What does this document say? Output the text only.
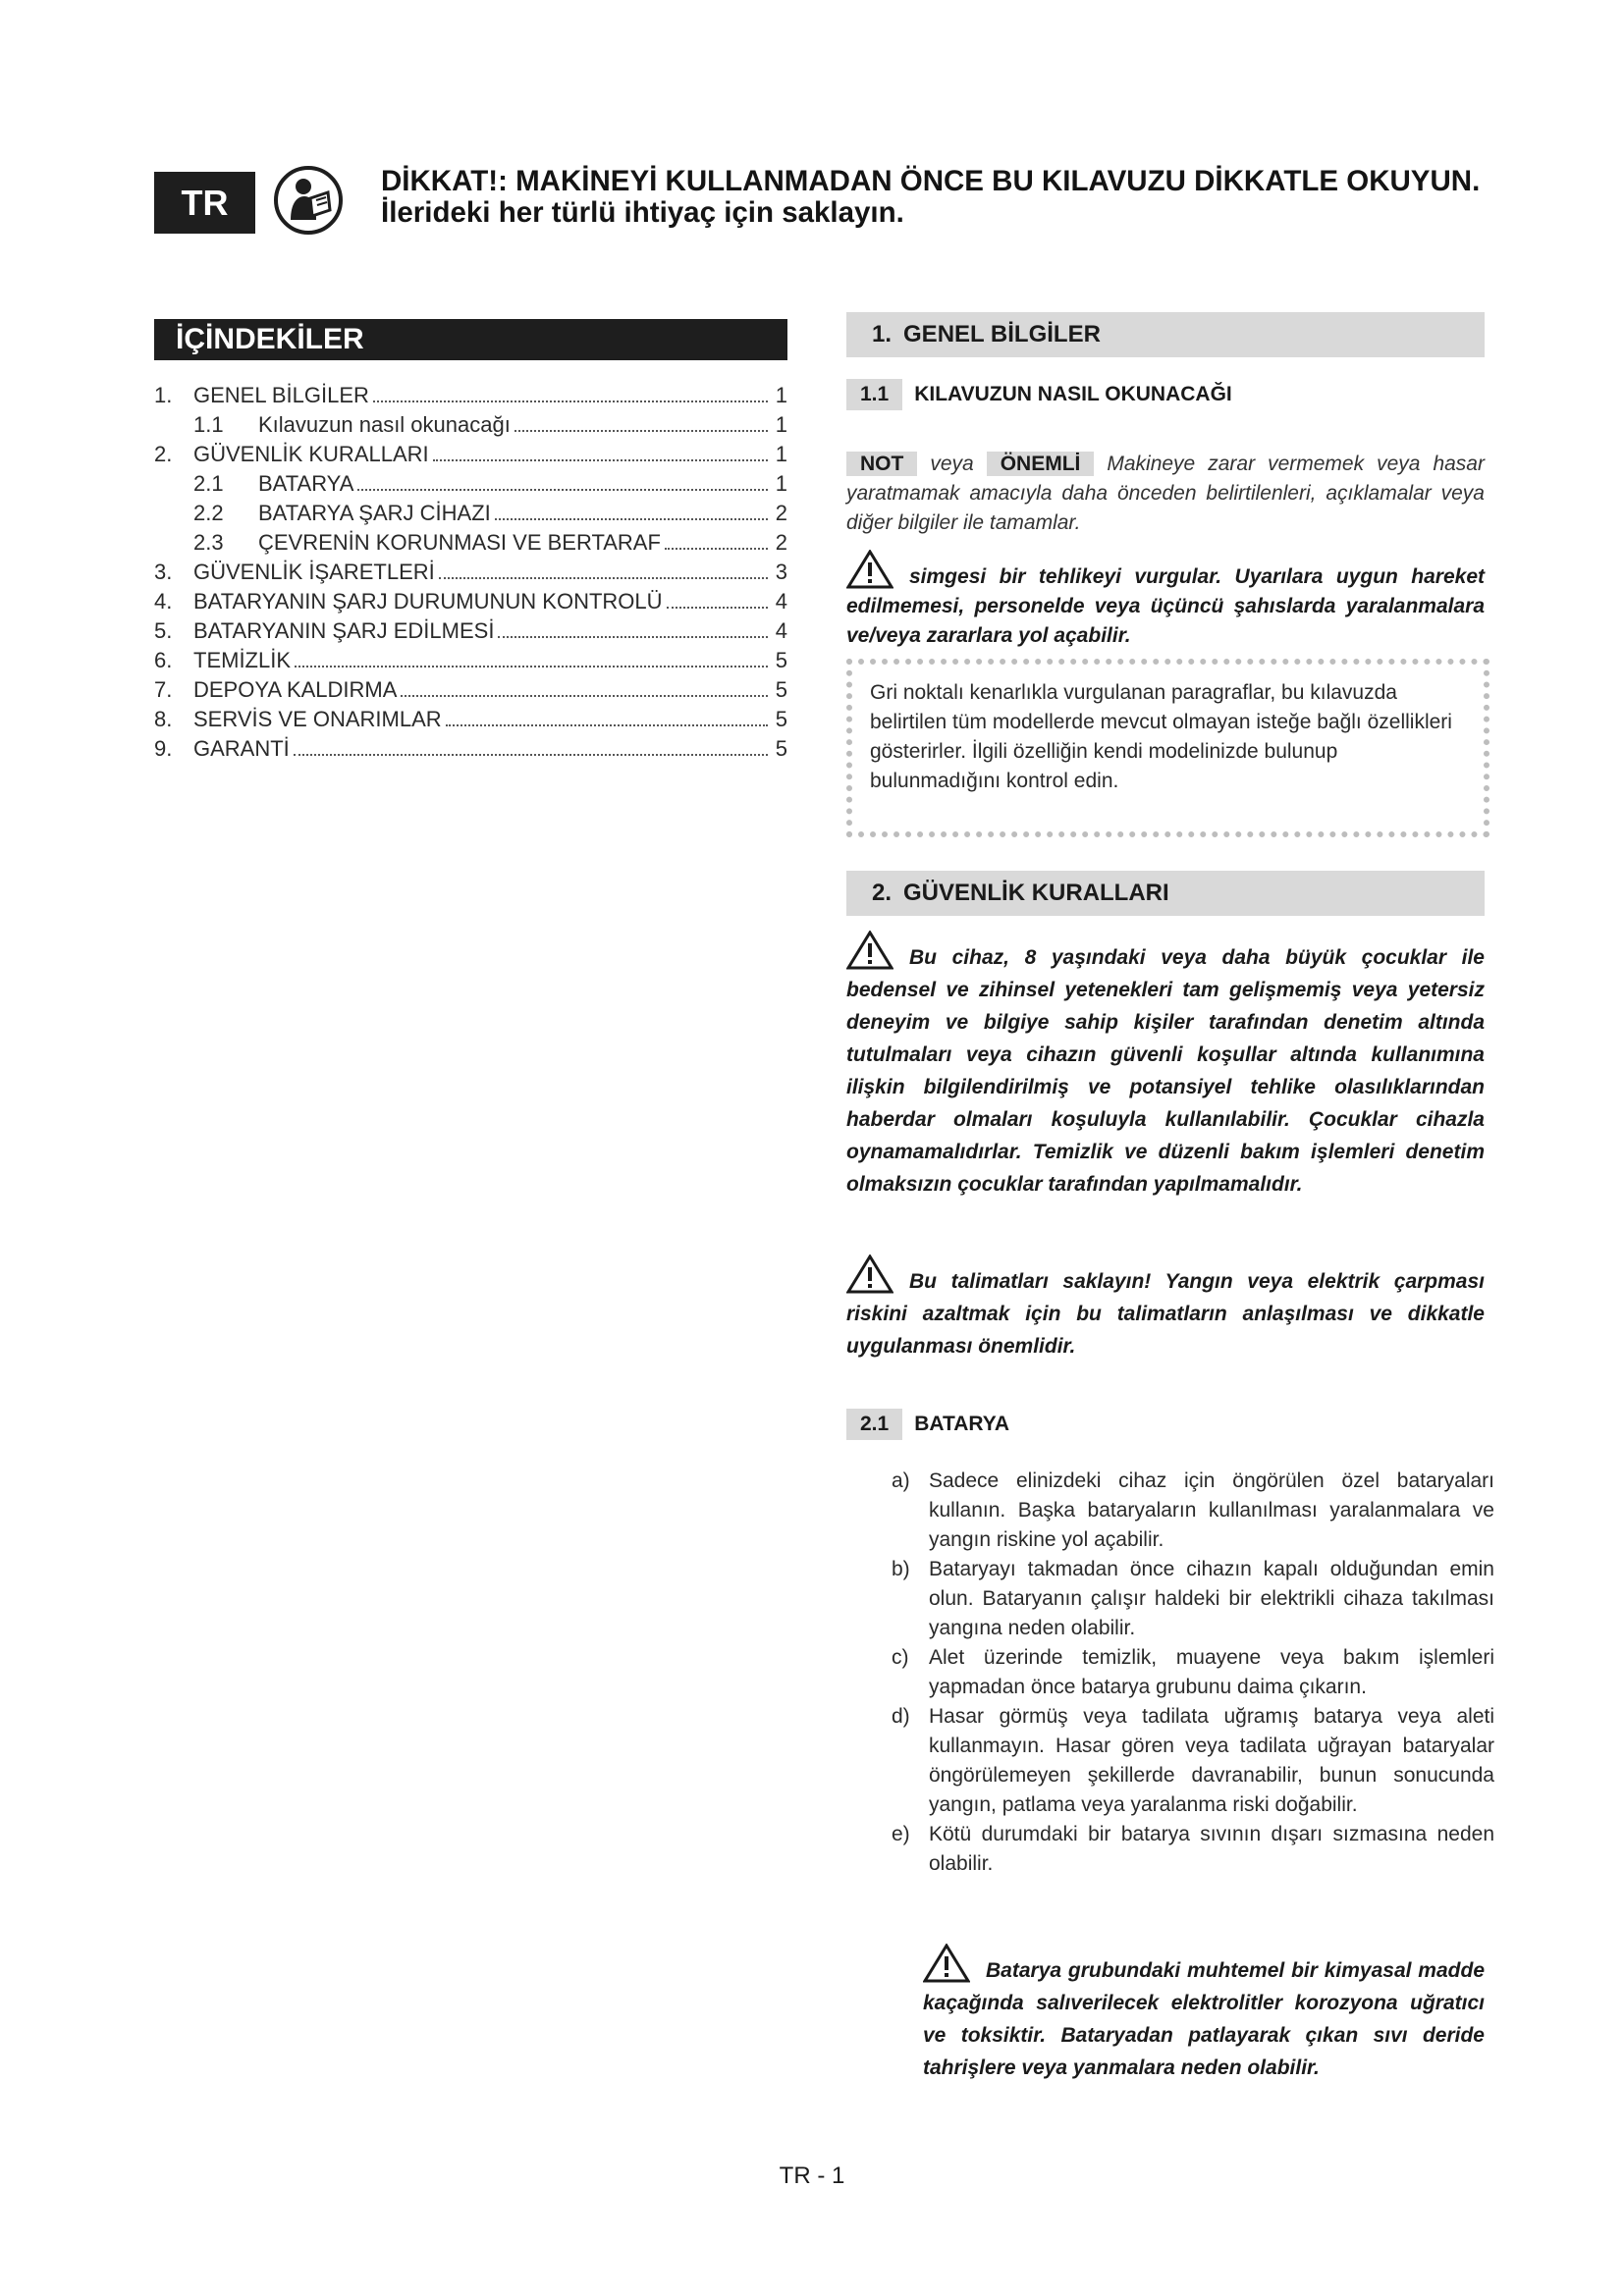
TR
DİKKAT!: MAKİNEYİ KULLANMADAN ÖNCE BU KILAVUZU DİKKATLE OKUYUN.
İlerideki her türlü ihtiyaç için saklayın.
İÇİNDEKİLER
1. GENEL BİLGİLER	1
1.1	Kılavuzun nasıl okunacağı	1
2. GÜVENLİK KURALLARI	1
2.1	BATARYA	1
2.2	BATARYA ŞARJ CİHAZI	2
2.3	ÇEVRENİN KORUNMASI VE BERTARAF	2
3. GÜVENLİK İŞARETLERİ	3
4. BATARYANIN ŞARJ DURUMUNUN KONTROLÜ	4
5. BATARYANIN ŞARJ EDİLMESİ	4
6. TEMİZLİK	5
7. DEPOYA KALDIRMA	5
8. SERVİS VE ONARIMLAR	5
9. GARANTİ	5
1. GENEL BİLGİLER
1.1	KILAVUZUN NASIL OKUNACAĞI
NOT veya ÖNEMLİ Makineye zarar vermemek veya hasar yaratmamak amacıyla daha önceden belirtilenleri, açıklamalar veya diğer bilgiler ile tamamlar.
simgesi bir tehlikeyi vurgular. Uyarılara uygun hareket edilmemesi, personelde veya üçüncü şahıslarda yaralanmalara ve/veya zararlara yol açabilir.
Gri noktalı kenarlıkla vurgulanan paragraflar, bu kılavuzda belirtilen tüm modellerde mevcut olmayan isteğe bağlı özellikleri gösterirler. İlgili özelliğin kendi modelinizde bulunup bulunmadığını kontrol edin.
2. GÜVENLİK KURALLARI
Bu cihaz, 8 yaşındaki veya daha büyük çocuklar ile bedensel ve zihinsel yetenekleri tam gelişmemiş veya yetersiz deneyim ve bilgiye sahip kişiler tarafından denetim altında tutulmaları veya cihazın güvenli koşullar altında kullanımına ilişkin bilgilendirilmiş ve potansiyel tehlike olasılıklarından haberdar olmaları koşuluyla kullanılabilir. Çocuklar cihazla oynamamalıdırlar. Temizlik ve düzenli bakım işlemleri denetim olmaksızın çocuklar tarafından yapılmamalıdır.
Bu talimatları saklayın! Yangın veya elektrik çarpması riskini azaltmak için bu talimatların anlaşılması ve dikkatle uygulanması önemlidir.
2.1	BATARYA
a) Sadece elinizdeki cihaz için öngörülen özel bataryaları kullanın. Başka bataryaların kullanılması yaralanmalara ve yangın riskine yol açabilir.
b) Bataryayı takmadan önce cihazın kapalı olduğundan emin olun. Bataryanın çalışır haldeki bir elektrikli cihaza takılması yangına neden olabilir.
c) Alet üzerinde temizlik, muayene veya bakım işlemleri yapmadan önce batarya grubunu daima çıkarın.
d) Hasar görmüş veya tadilata uğramış batarya veya aleti kullanmayın. Hasar gören veya tadilata uğrayan bataryalar öngörülemeyen şekillerde davranabilir, bunun sonucunda yangın, patlama veya yaralanma riski doğabilir.
e) Kötü durumdaki bir batarya sıvının dışarı sızmasına neden olabilir.
Batarya grubundaki muhtemel bir kimyasal madde kaçağında salıverilecek elektrolitler korozyona uğratıcı ve toksiktir. Bataryadan patlayarak çıkan sıvı deride tahrişlere veya yanmalara neden olabilir.
TR - 1
